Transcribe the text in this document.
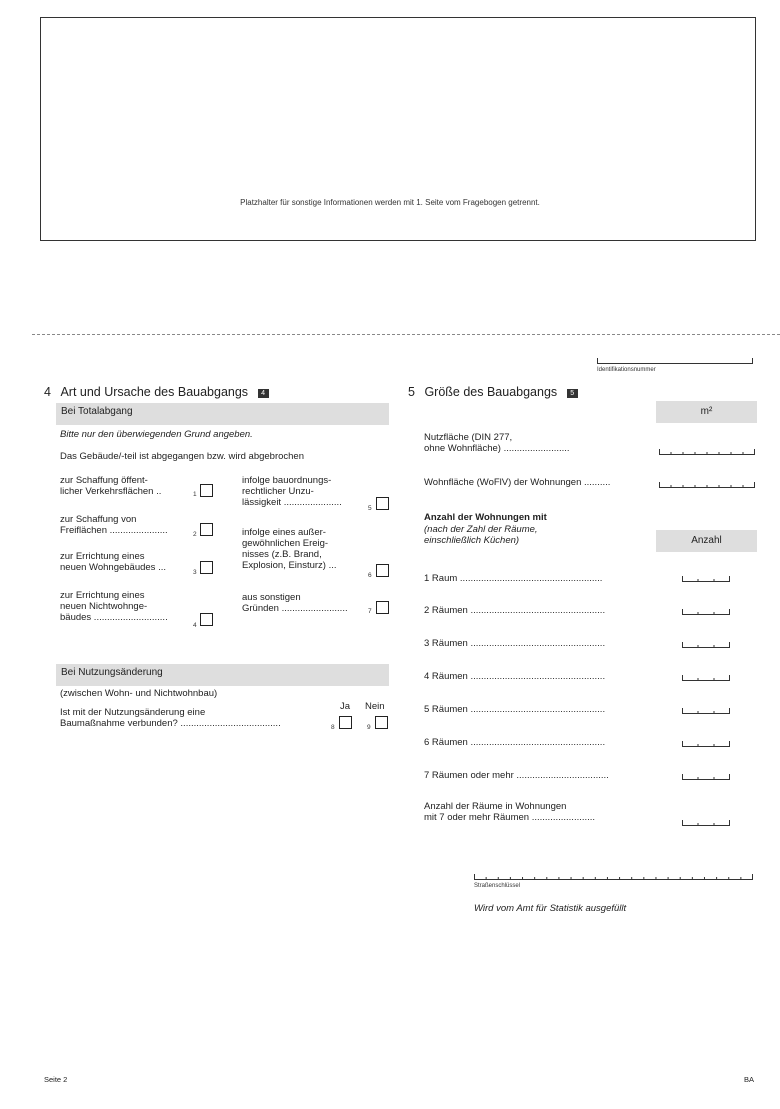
Platzhalter für sonstige Informationen werden mit 1. Seite vom Fragebogen getrennt.
Identifikationsnummer
4 Art und Ursache des Bauabgangs 4
Bei Totalabgang
Bitte nur den überwiegenden Grund angeben.
Das Gebäude/-teil ist abgegangen bzw. wird abgebrochen
zur Schaffung öffent-
licher Verkehrsflächen ..	1
zur Schaffung von
Freiflächen ......................	2
zur Errichtung eines
neuen Wohngebäudes ...	3
zur Errichtung eines
neuen Nichtwohnge-
bäudes ............................
4
infolge bauordnungs-
rechtlicher Unzu-
lässigkeit ......................
5
infolge eines außer-
gewöhnlichen Ereig-
nisses (z.B. Brand,
Explosion, Einsturz) ...
6
aus sonstigen
Gründen .........................	7
Bei Nutzungsänderung
(zwischen Wohn- und Nichtwohnbau)
Ja Nein
Ist mit der Nutzungsänderung eine
Baumaßnahme verbunden? ......................................	8	9
5 Größe des Bauabgangs 5
m²
Nutzfläche (DIN 277,
ohne Wohnfläche) .........................
Wohnfläche (WoFlV) der Wohnungen ..........
Anzahl der Wohnungen mit
(nach der Zahl der Räume,
einschließlich Küchen)	Anzahl
1 Raum ......................................................
2 Räumen ...................................................
3 Räumen ...................................................
4 Räumen ...................................................
5 Räumen ...................................................
6 Räumen ...................................................
7 Räumen oder mehr ...................................
Anzahl der Räume in Wohnungen
mit 7 oder mehr Räumen ........................
Straßenschlüssel
Wird vom Amt für Statistik ausgefüllt
Seite 2	BA
